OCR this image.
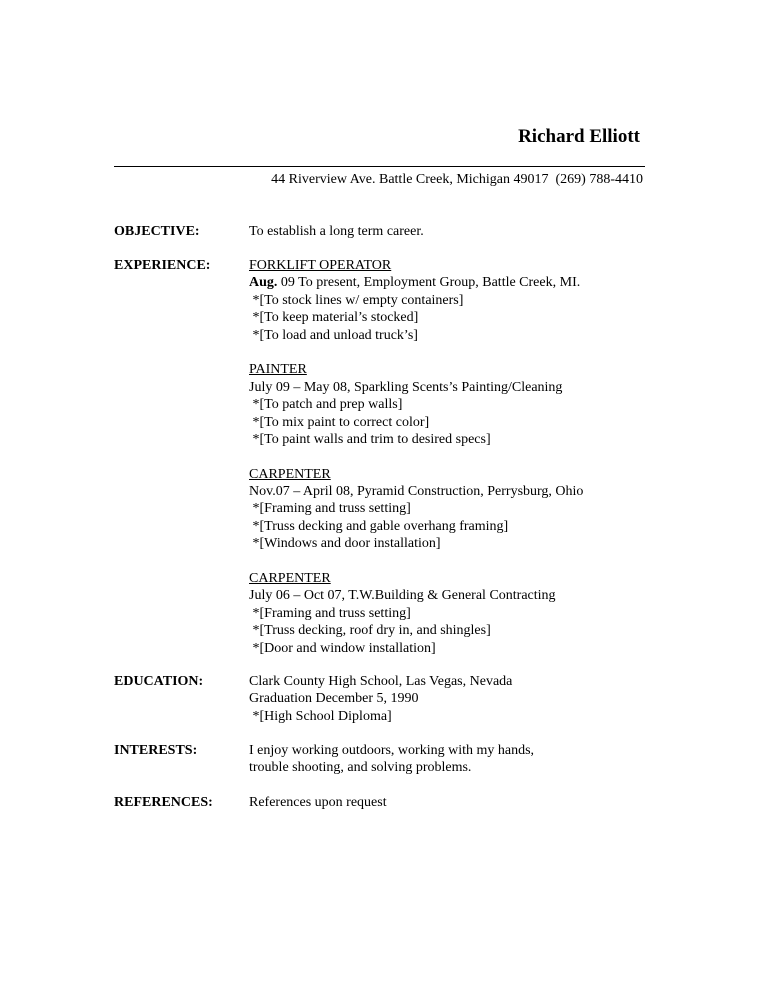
Richard Elliott
44 Riverview Ave. Battle Creek, Michigan 49017  (269) 788-4410
OBJECTIVE:	To establish a long term career.
EXPERIENCE:	FORKLIFT OPERATOR
Aug. 09 To present, Employment Group, Battle Creek, MI.
*[To stock lines w/ empty containers]
*[To keep material’s stocked]
*[To load and unload truck’s]
PAINTER
July 09 – May 08, Sparkling Scents’s Painting/Cleaning
*[To patch and prep walls]
*[To mix paint to correct color]
*[To paint walls and trim to desired specs]
CARPENTER
Nov.07 – April 08, Pyramid Construction, Perrysburg, Ohio
*[Framing and truss setting]
*[Truss decking and gable overhang framing]
*[Windows and door installation]
CARPENTER
July 06 – Oct 07, T.W.Building & General Contracting
*[Framing and truss setting]
*[Truss decking, roof dry in, and shingles]
*[Door and window installation]
EDUCATION:	Clark County High School, Las Vegas, Nevada
Graduation December 5, 1990
*[High School Diploma]
INTERESTS:	I enjoy working outdoors, working with my hands,
trouble shooting, and solving problems.
REFERENCES:	References upon request
